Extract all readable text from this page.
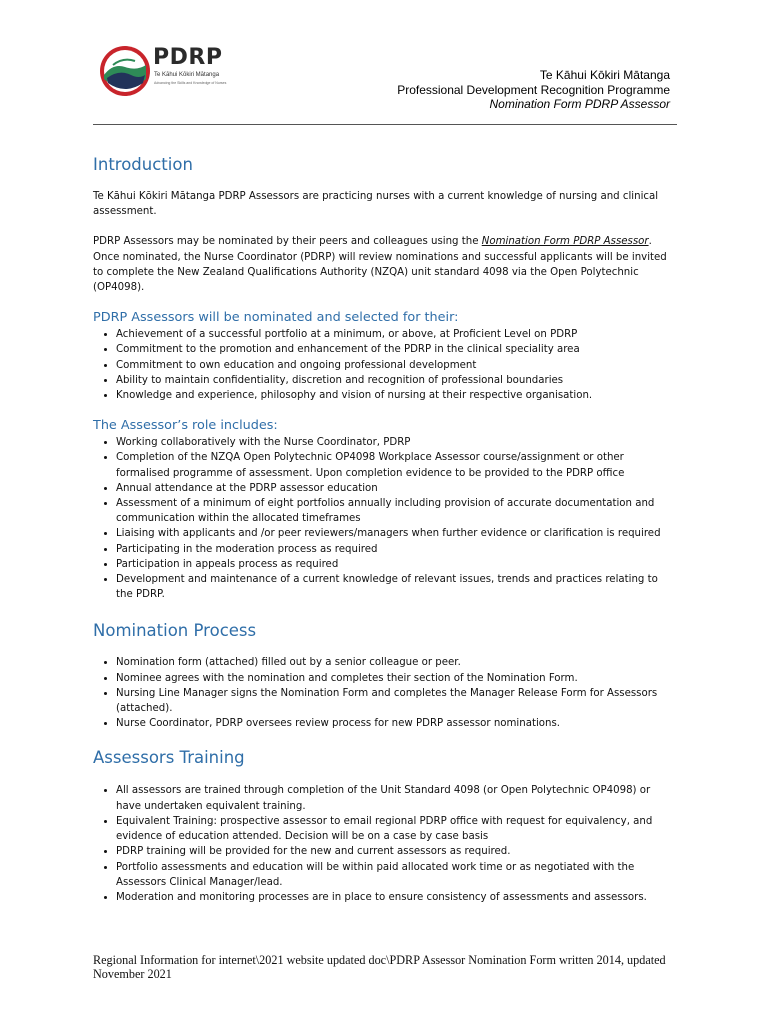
PDRP
Te Kāhui Kōkiri Mātanga
Advancing the Skills and Knowledge of Nurses
Te Kāhui Kōkiri Mātanga
Professional Development Recognition Programme
Nomination Form PDRP Assessor
Introduction

Te Kāhui Kōkiri Mātanga PDRP Assessors are practicing nurses with a current knowledge of nursing and clinical assessment.

PDRP Assessors may be nominated by their peers and colleagues using the Nomination Form PDRP Assessor. Once nominated, the Nurse Coordinator (PDRP) will review nominations and successful applicants will be invited to complete the New Zealand Qualifications Authority (NZQA) unit standard 4098 via the Open Polytechnic (OP4098).

PDRP Assessors will be nominated and selected for their:
• Achievement of a successful portfolio at a minimum, or above, at Proficient Level on PDRP
• Commitment to the promotion and enhancement of the PDRP in the clinical speciality area
• Commitment to own education and ongoing professional development
• Ability to maintain confidentiality, discretion and recognition of professional boundaries
• Knowledge and experience, philosophy and vision of nursing at their respective organisation.
The Assessor’s role includes:
• Working collaboratively with the Nurse Coordinator, PDRP
• Completion of the NZQA Open Polytechnic OP4098 Workplace Assessor course/assignment or other formalised programme of assessment. Upon completion evidence to be provided to the PDRP office
• Annual attendance at the PDRP assessor education
• Assessment of a minimum of eight portfolios annually including provision of accurate documentation and communication within the allocated timeframes
• Liaising with applicants and /or peer reviewers/managers when further evidence or clarification is required
• Participating in the moderation process as required
• Participation in appeals process as required
• Development and maintenance of a current knowledge of relevant issues, trends and practices relating to the PDRP.
Nomination Process
• Nomination form (attached) filled out by a senior colleague or peer.
• Nominee agrees with the nomination and completes their section of the Nomination Form.
• Nursing Line Manager signs the Nomination Form and completes the Manager Release Form for Assessors (attached).
• Nurse Coordinator, PDRP oversees review process for new PDRP assessor nominations.
Assessors Training
• All assessors are trained through completion of the Unit Standard 4098 (or Open Polytechnic OP4098) or have undertaken equivalent training.
• Equivalent Training: prospective assessor to email regional PDRP office with request for equivalency, and evidence of education attended. Decision will be on a case by case basis
• PDRP training will be provided for the new and current assessors as required.
• Portfolio assessments and education will be within paid allocated work time or as negotiated with the Assessors Clinical Manager/lead.
• Moderation and monitoring processes are in place to ensure consistency of assessments and assessors.
Regional Information for internet\2021 website updated doc\PDRP Assessor Nomination Form written 2014, updated November 2021
